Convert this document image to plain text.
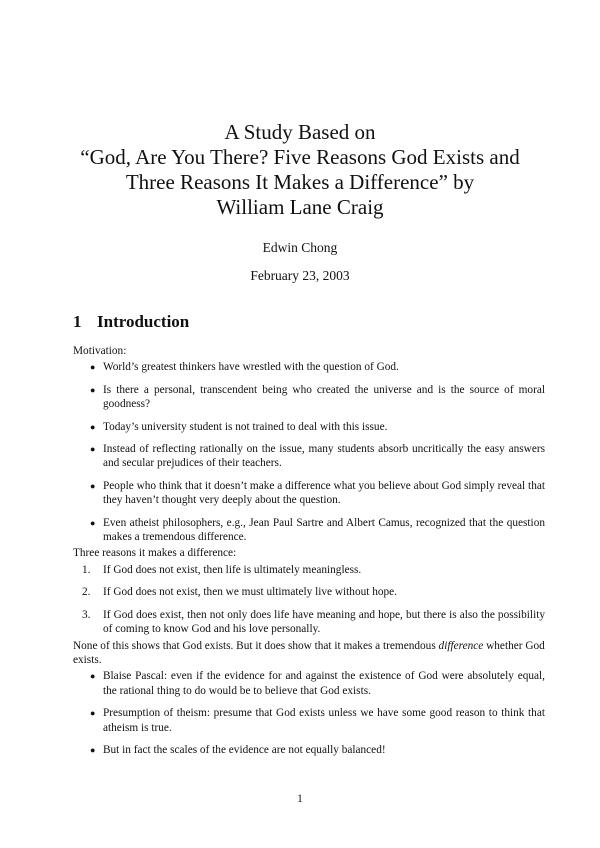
A Study Based on
“God, Are You There? Five Reasons God Exists and
Three Reasons It Makes a Difference” by
William Lane Craig
Edwin Chong
February 23, 2003
1 Introduction

Motivation:

● World’s greatest thinkers have wrestled with the question of God.
● Is there a personal, transcendent being who created the universe and is the source of moral goodness?
● Today’s university student is not trained to deal with this issue.
● Instead of reflecting rationally on the issue, many students absorb uncritically the easy answers and secular prejudices of their teachers.
● People who think that it doesn’t make a difference what you believe about God simply reveal that they haven’t thought very deeply about the question.
● Even atheist philosophers, e.g., Jean Paul Sartre and Albert Camus, recognized that the question makes a tremendous difference.

Three reasons it makes a difference:

1. If God does not exist, then life is ultimately meaningless.
2. If God does not exist, then we must ultimately live without hope.
3. If God does exist, then not only does life have meaning and hope, but there is also the possibility of coming to know God and his love personally.

None of this shows that God exists. But it does show that it makes a tremendous difference whether God exists.

● Blaise Pascal: even if the evidence for and against the existence of God were absolutely equal, the rational thing to do would be to believe that God exists.
● Presumption of theism: presume that God exists unless we have some good reason to think that atheism is true.
● But in fact the scales of the evidence are not equally balanced!
1
